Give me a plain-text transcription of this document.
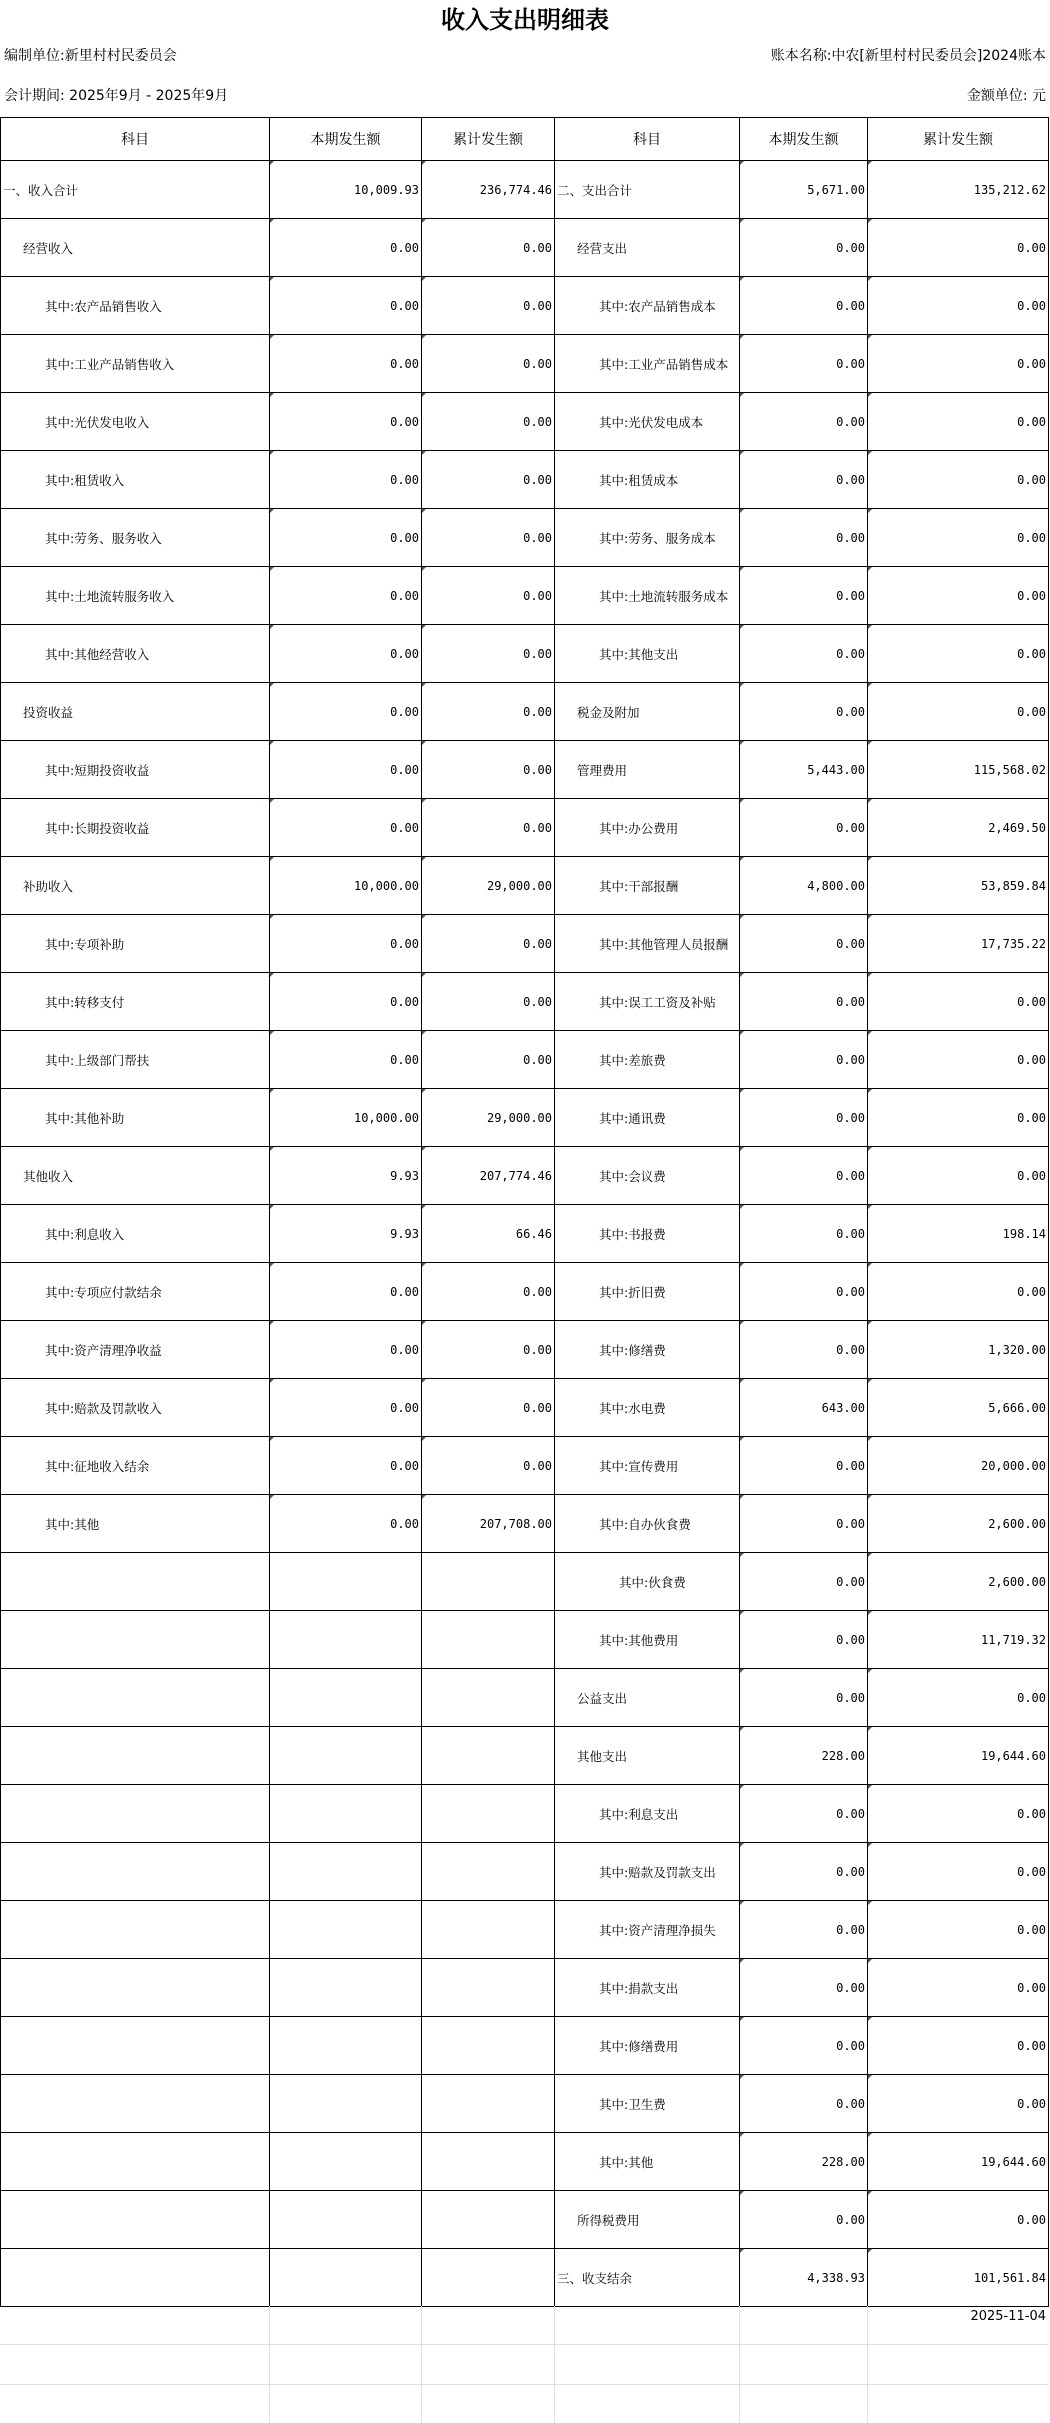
收入支出明细表
编制单位:新里村村民委员会	账本名称:中农[新里村村民委员会]2024账本
会计期间: 2025年9月 - 2025年9月	金额单位: 元
科目	本期发生额	累计发生额	科目	本期发生额	累计发生额
一、收入合计	10,009.93	236,774.46	二、支出合计	5,671.00	135,212.62
经营收入	0.00	0.00	经营支出	0.00	0.00
其中:农产品销售收入	0.00	0.00	其中:农产品销售成本	0.00	0.00
其中:工业产品销售收入	0.00	0.00	其中:工业产品销售成本	0.00	0.00
其中:光伏发电收入	0.00	0.00	其中:光伏发电成本	0.00	0.00
其中:租赁收入	0.00	0.00	其中:租赁成本	0.00	0.00
其中:劳务、服务收入	0.00	0.00	其中:劳务、服务成本	0.00	0.00
其中:土地流转服务收入	0.00	0.00	其中:土地流转服务成本	0.00	0.00
其中:其他经营收入	0.00	0.00	其中:其他支出	0.00	0.00
投资收益	0.00	0.00	税金及附加	0.00	0.00
其中:短期投资收益	0.00	0.00	管理费用	5,443.00	115,568.02
其中:长期投资收益	0.00	0.00	其中:办公费用	0.00	2,469.50
补助收入	10,000.00	29,000.00	其中:干部报酬	4,800.00	53,859.84
其中:专项补助	0.00	0.00	其中:其他管理人员报酬	0.00	17,735.22
其中:转移支付	0.00	0.00	其中:误工工资及补贴	0.00	0.00
其中:上级部门帮扶	0.00	0.00	其中:差旅费	0.00	0.00
其中:其他补助	10,000.00	29,000.00	其中:通讯费	0.00	0.00
其他收入	9.93	207,774.46	其中:会议费	0.00	0.00
其中:利息收入	9.93	66.46	其中:书报费	0.00	198.14
其中:专项应付款结余	0.00	0.00	其中:折旧费	0.00	0.00
其中:资产清理净收益	0.00	0.00	其中:修缮费	0.00	1,320.00
其中:赔款及罚款收入	0.00	0.00	其中:水电费	643.00	5,666.00
其中:征地收入结余	0.00	0.00	其中:宣传费用	0.00	20,000.00
其中:其他	0.00	207,708.00	其中:自办伙食费	0.00	2,600.00
			其中:伙食费	0.00	2,600.00
			其中:其他费用	0.00	11,719.32
			公益支出	0.00	0.00
			其他支出	228.00	19,644.60
			其中:利息支出	0.00	0.00
			其中:赔款及罚款支出	0.00	0.00
			其中:资产清理净损失	0.00	0.00
			其中:捐款支出	0.00	0.00
			其中:修缮费用	0.00	0.00
			其中:卫生费	0.00	0.00
			其中:其他	228.00	19,644.60
			所得税费用	0.00	0.00
			三、收支结余	4,338.93	101,561.84
2025-11-04
